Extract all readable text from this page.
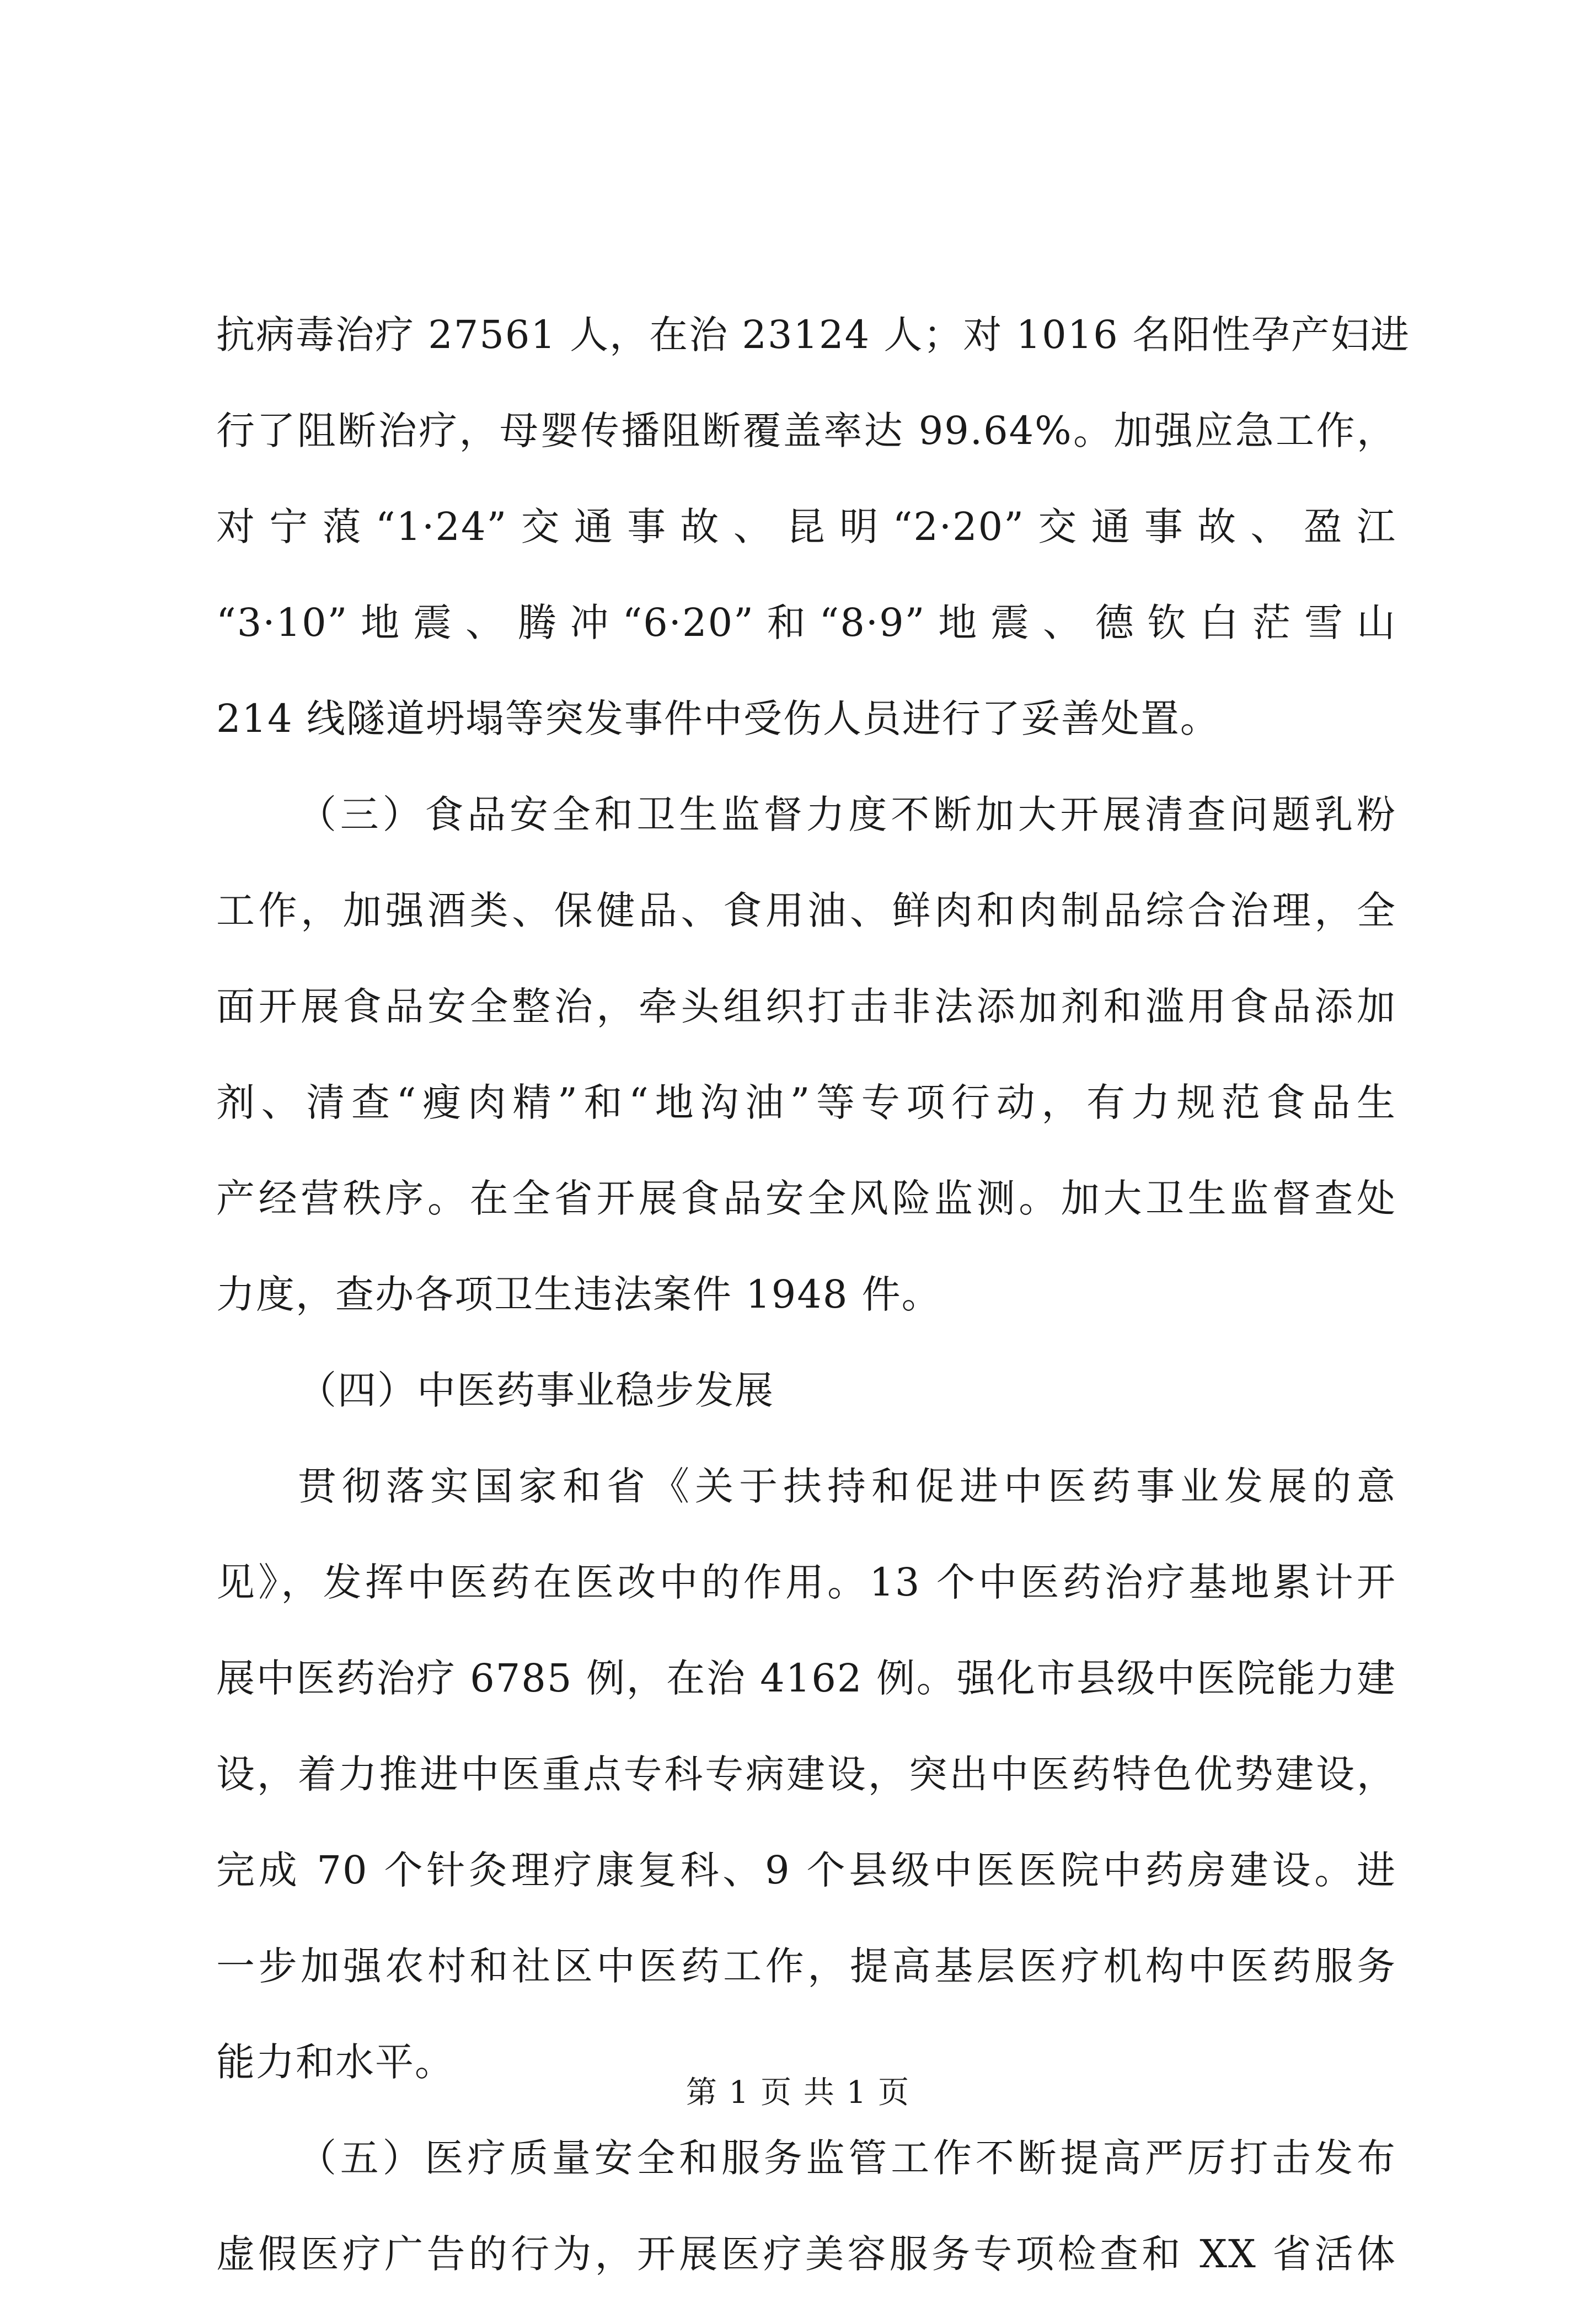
抗病毒治疗 27561 人，在治 23124 人；对 1016 名阳性孕产妇进
行了阻断治疗，母婴传播阻断覆盖率达 99.64%。加强应急工作，
对宁蒗“1·24”交通事故、昆明“2·20”交通事故、盈江
“3·10”地震、腾冲“6·20”和“8·9”地震、德钦白茫雪山
214 线隧道坍塌等突发事件中受伤人员进行了妥善处置。
（三）食品安全和卫生监督力度不断加大开展清查问题乳粉
工作，加强酒类、保健品、食用油、鲜肉和肉制品综合治理，全
面开展食品安全整治，牵头组织打击非法添加剂和滥用食品添加
剂、清查“瘦肉精”和“地沟油”等专项行动，有力规范食品生
产经营秩序。在全省开展食品安全风险监测。加大卫生监督查处
力度，查办各项卫生违法案件 1948 件。
（四）中医药事业稳步发展
贯彻落实国家和省《关于扶持和促进中医药事业发展的意
见》，发挥中医药在医改中的作用。13 个中医药治疗基地累计开
展中医药治疗 6785 例，在治 4162 例。强化市县级中医院能力建
设，着力推进中医重点专科专病建设，突出中医药特色优势建设，
完成 70 个针灸理疗康复科、9 个县级中医医院中药房建设。进
一步加强农村和社区中医药工作，提高基层医疗机构中医药服务
能力和水平。
（五）医疗质量安全和服务监管工作不断提高严厉打击发布
虚假医疗广告的行为，开展医疗美容服务专项检查和 XX 省活体
第 1 页 共 1 页
